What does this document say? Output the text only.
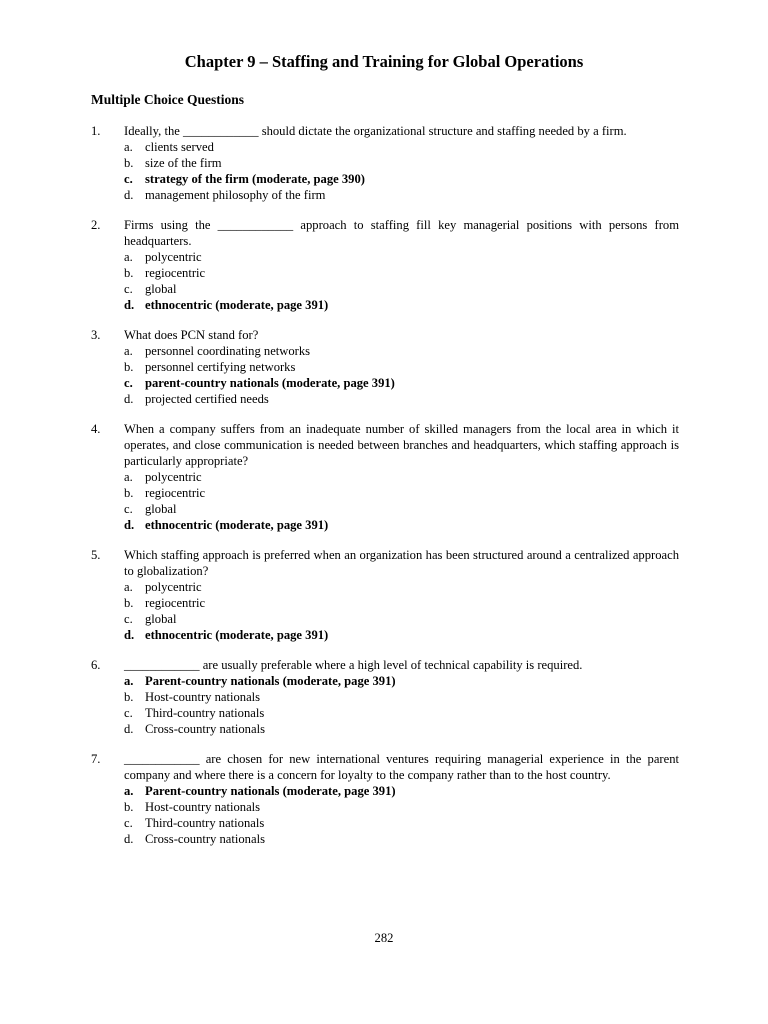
Chapter 9 – Staffing and Training for Global Operations
Multiple Choice Questions
1. Ideally, the ____________ should dictate the organizational structure and staffing needed by a firm.
a. clients served
b. size of the firm
c. strategy of the firm (moderate, page 390)
d. management philosophy of the firm
2. Firms using the ____________ approach to staffing fill key managerial positions with persons from headquarters.
a. polycentric
b. regiocentric
c. global
d. ethnocentric (moderate, page 391)
3. What does PCN stand for?
a. personnel coordinating networks
b. personnel certifying networks
c. parent-country nationals (moderate, page 391)
d. projected certified needs
4. When a company suffers from an inadequate number of skilled managers from the local area in which it operates, and close communication is needed between branches and headquarters, which staffing approach is particularly appropriate?
a. polycentric
b. regiocentric
c. global
d. ethnocentric (moderate, page 391)
5. Which staffing approach is preferred when an organization has been structured around a centralized approach to globalization?
a. polycentric
b. regiocentric
c. global
d. ethnocentric (moderate, page 391)
6. ____________ are usually preferable where a high level of technical capability is required.
a. Parent-country nationals (moderate, page 391)
b. Host-country nationals
c. Third-country nationals
d. Cross-country nationals
7. ____________ are chosen for new international ventures requiring managerial experience in the parent company and where there is a concern for loyalty to the company rather than to the host country.
a. Parent-country nationals (moderate, page 391)
b. Host-country nationals
c. Third-country nationals
d. Cross-country nationals
282
